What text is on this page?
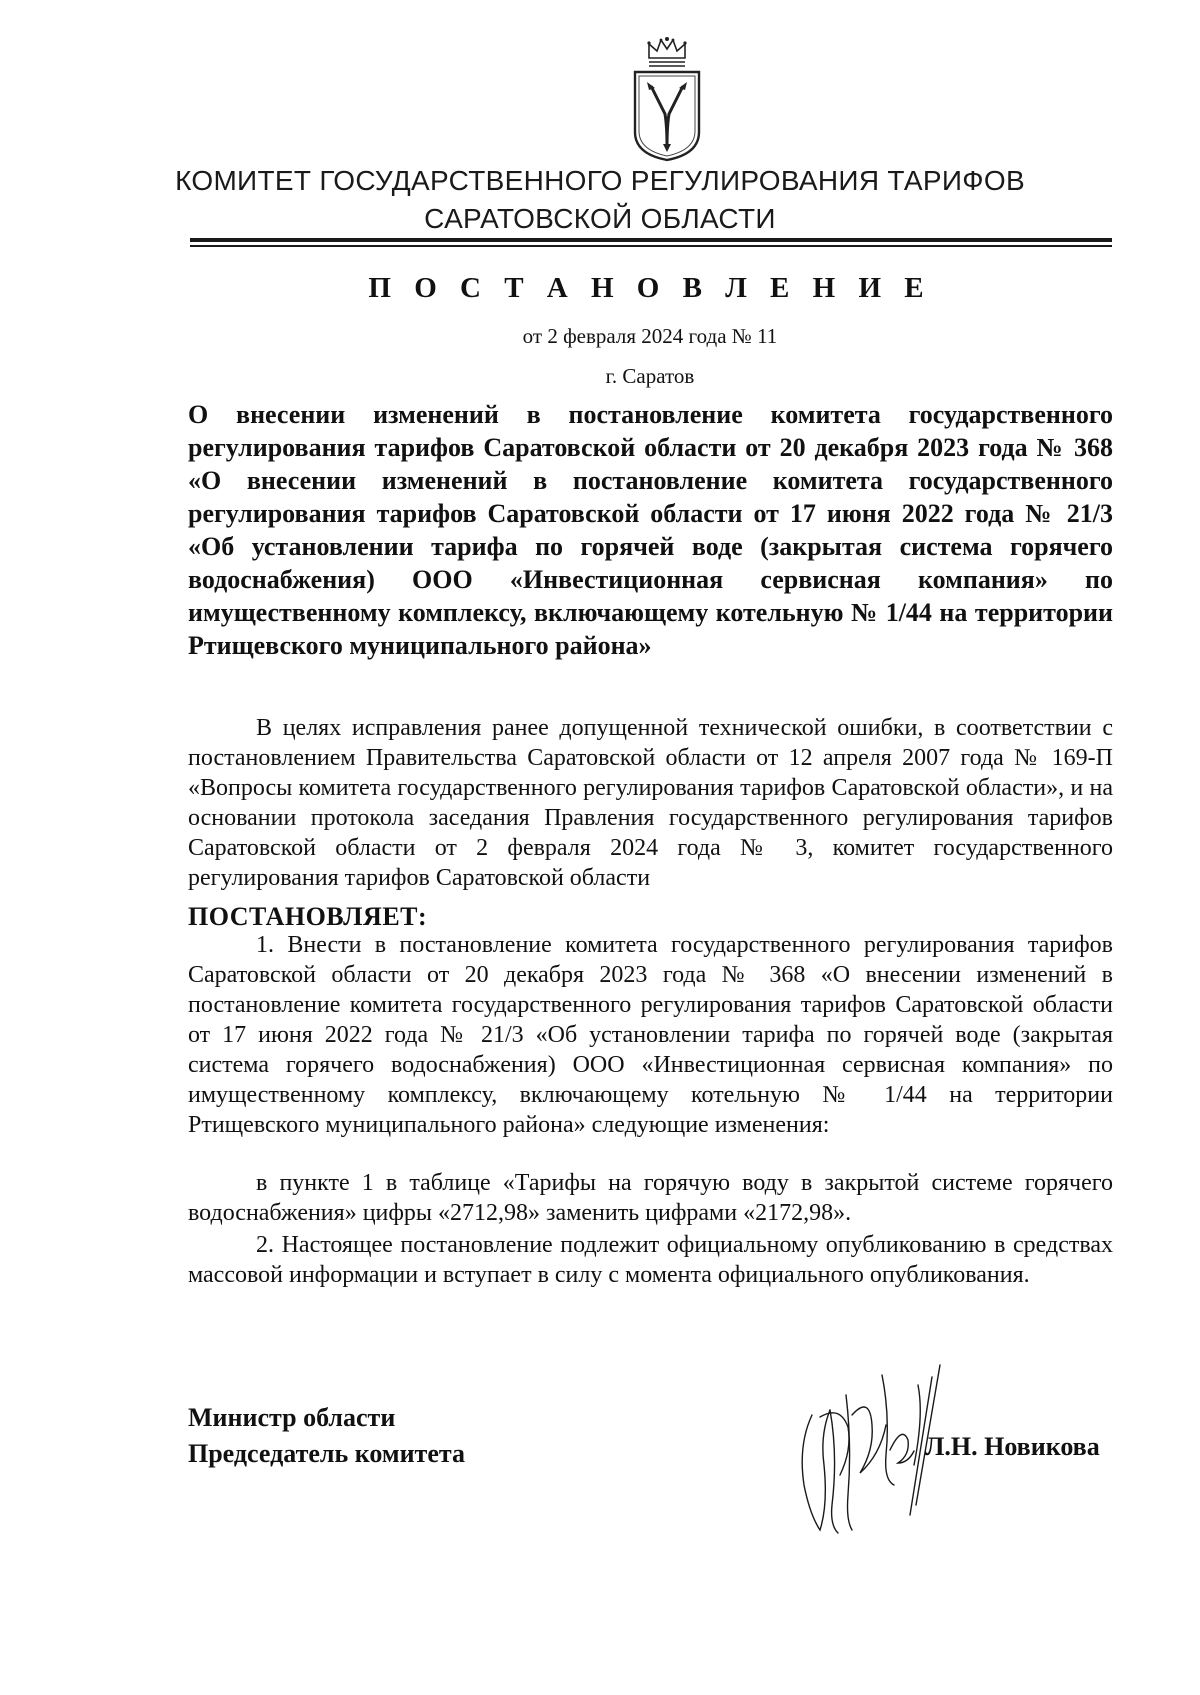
КОМИТЕТ ГОСУДАРСТВЕННОГО РЕГУЛИРОВАНИЯ ТАРИФОВ
САРАТОВСКОЙ ОБЛАСТИ
П О С Т А Н О В Л Е Н И Е
от 2 февраля 2024 года № 11
г. Саратов
О внесении изменений в постановление комитета государственного регулирования тарифов Саратовской области от 20 декабря 2023 года № 368 «О внесении изменений в постановление комитета государственного регулирования тарифов Саратовской области от 17 июня 2022 года № 21/3 «Об установлении тарифа по горячей воде (закрытая система горячего водоснабжения) ООО «Инвестиционная сервисная компания» по имущественному комплексу, включающему котельную № 1/44 на территории Ртищевского муниципального района»
В целях исправления ранее допущенной технической ошибки, в соответствии с постановлением Правительства Саратовской области от 12 апреля 2007 года № 169-П «Вопросы комитета государственного регулирования тарифов Саратовской области», и на основании протокола заседания Правления государственного регулирования тарифов Саратовской области от 2 февраля 2024 года № 3, комитет государственного регулирования тарифов Саратовской области
ПОСТАНОВЛЯЕТ:
1. Внести в постановление комитета государственного регулирования тарифов Саратовской области от 20 декабря 2023 года № 368 «О внесении изменений в постановление комитета государственного регулирования тарифов Саратовской области от 17 июня 2022 года № 21/3 «Об установлении тарифа по горячей воде (закрытая система горячего водоснабжения) ООО «Инвестиционная сервисная компания» по имущественному комплексу, включающему котельную № 1/44 на территории Ртищевского муниципального района» следующие изменения:
в пункте 1 в таблице «Тарифы на горячую воду в закрытой системе горячего водоснабжения» цифры «2712,98» заменить цифрами «2172,98».
2. Настоящее постановление подлежит официальному опубликованию в средствах массовой информации и вступает в силу с момента официального опубликования.
Министр области
Председатель комитета	Л.Н. Новикова
